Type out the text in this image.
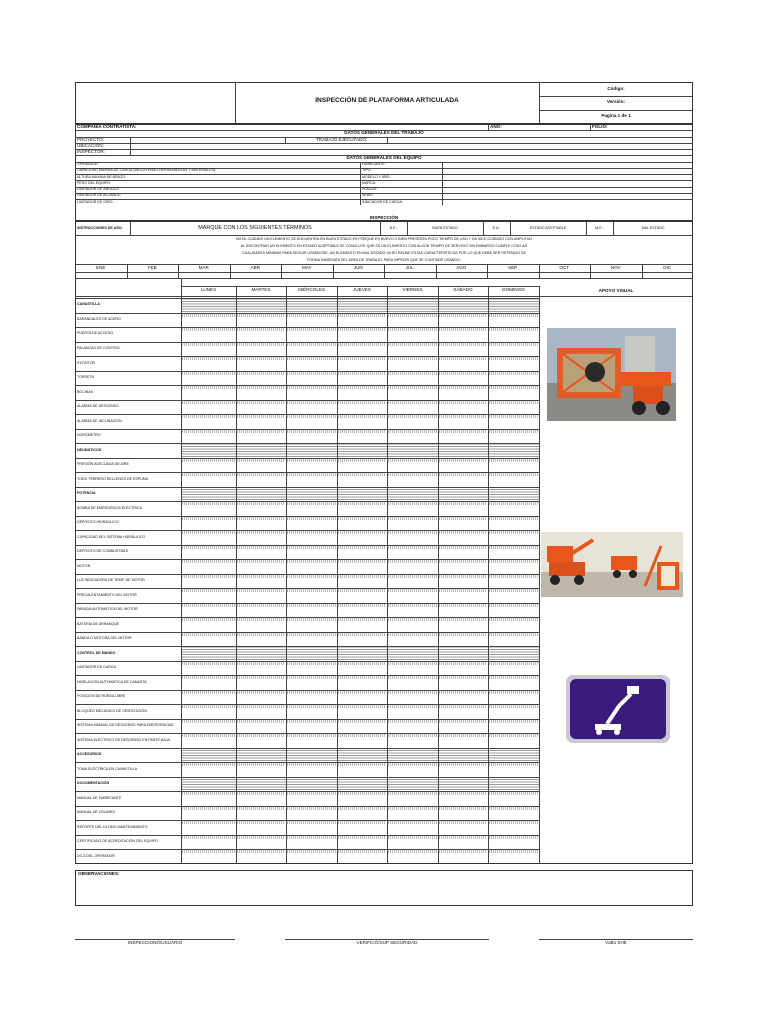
INSPECCIÓN DE PLATAFORMA ARTICULADA
Código:
Versión:
Pagina 1 de 1
COMPAÑÍA CONTRATISTA:	AÑO:	FOLIO:
DATOS GENERALES DEL TRABAJO
PROYECTO:	TRABAJO EJECUTADO:
UBICACIÓN:
INSPECTOR:
DATOS GENERALES DEL EQUIPO
OPERADOR:	FABRICANTE:
CAPACIDAD MÁXIMA DE CARGA (INCLUYENDO HERRAMIENTAS Y MATERIALES):	TIPO:
ALTURA MÁXIMA DE BRAZO:	MODELO Y AÑO:
PESO DEL EQUIPO:	MARCA:
LIMITADOR DE ÁNGULO:	PLACAS:
LIMITADOR DE ALCANCE:	SERIE:
LIMITADOR DE GIRO:	INDICADOR DE CARGA:
INSPECCIÓN
INSTRUCCIONES DE USO:	MARQUE CON LOS SIGUIENTES TÉRMINOS	B.E.:	BUEN ESTADO	E.A.:	ESTADO ACEPTABLE	M.E.:	MAL ESTADO
NOTA: CUANDO UN ELEMENTO SE ENCUENTRA EN BUEN ESTADO ES PORQUE ES NUEVO O BIEN PRESENTA POCO TIEMPO DE USO Y HA SIDO CUIDADO CON AMPLITUD
AL ENCONTRAR UN ELEMENTO EN ESTADO ACEPTABLE SE CONCLUYE QUE ES UN ELEMENTO CON ALGÚN TIEMPO DE SERVICIO SIN EMBARGO CUMPLE CON LAS
CUALIDADES MÍNIMAS PARA SEGUIR USÁNDOSE, UN ELEMENTO EN MAL ESTADO YA NO REÚNE ESTAS CARACTERÍSTICAS POR LO QUE DEBE SER RETIRADO DE
FORMA INMEDIATA DEL ÁREA DE TRABAJO, PARA IMPEDIR QUE SE CONTINÚE USANDO.
ENE	FEB	MAR	ABR	MAY	JUN	JUL	AGO	SEP	OCT	NOV	DIC
LUNES	MARTES	MIÉRCOLES	JUEVES	VIERNES	SÁBADO	DOMINGO	APOYO VISUAL
CANASTILLA
BARANDALES DE ACERO
PUERTA DE ACCESO
PALANCAS DE CONTROL
EXTINTOR
TORRETA
BOCINAS
ALARMA DE DESCENSO
ALARMA DE INCLINACIÓN
HORÓMETRO
NEUMÁTICOS
PRESIÓN ADECUADA DE AIRE
TODO TERRENO RELLENOS DE ESPUMA
POTENCIA
BOMBA DE EMERGENCIA ELÉCTRICA
DEPÓSITO HIDRÁULICO
CAPACIDAD DEL SISTEMA HIDRÁULICO
DEPÓSITO DE COMBUSTIBLE
MOTOR
LUZ INDICADORA DE TEMP. DE MOTOR
PRECALENTAMIENTO DEL MOTOR
PARADA AUTOMÁTICA DEL MOTOR
BATERÍA DE ARRANQUE
BANDA O MOTORA DEL MOTOR
CONTROL DE MANDO
LIMITADOR DE CARGA
NIVELACIÓN AUTOMÁTICA DE CANASTA
POSICIÓN DE RUEDA LIBRE
BLOQUEO MECÁNICO DE ORIENTACIÓN
SISTEMA MANUAL DE DESCENSO PARA EMERGENCIAS
SISTEMA ELÉCTRICO DE DESCENSO EN PARTE BAJA
ACCESORIOS
TOMA ELÉCTRICA EN CANASTILLA
DOCUMENTACIÓN
MANUAL DE FABRICANTE
MANUAL DE USUARIO
REPORTE DEL ÚLTIMO MANTENIMIENTO
CERTIFICADO DE ACREDITACIÓN DEL EQUIPO
DC-3 DEL OPERADOR
OBSERVACIONES:
INSPECCIONÓ/USUARIO	VERIFICÓ/SUP SEGURIDAD	VoBo SHE
